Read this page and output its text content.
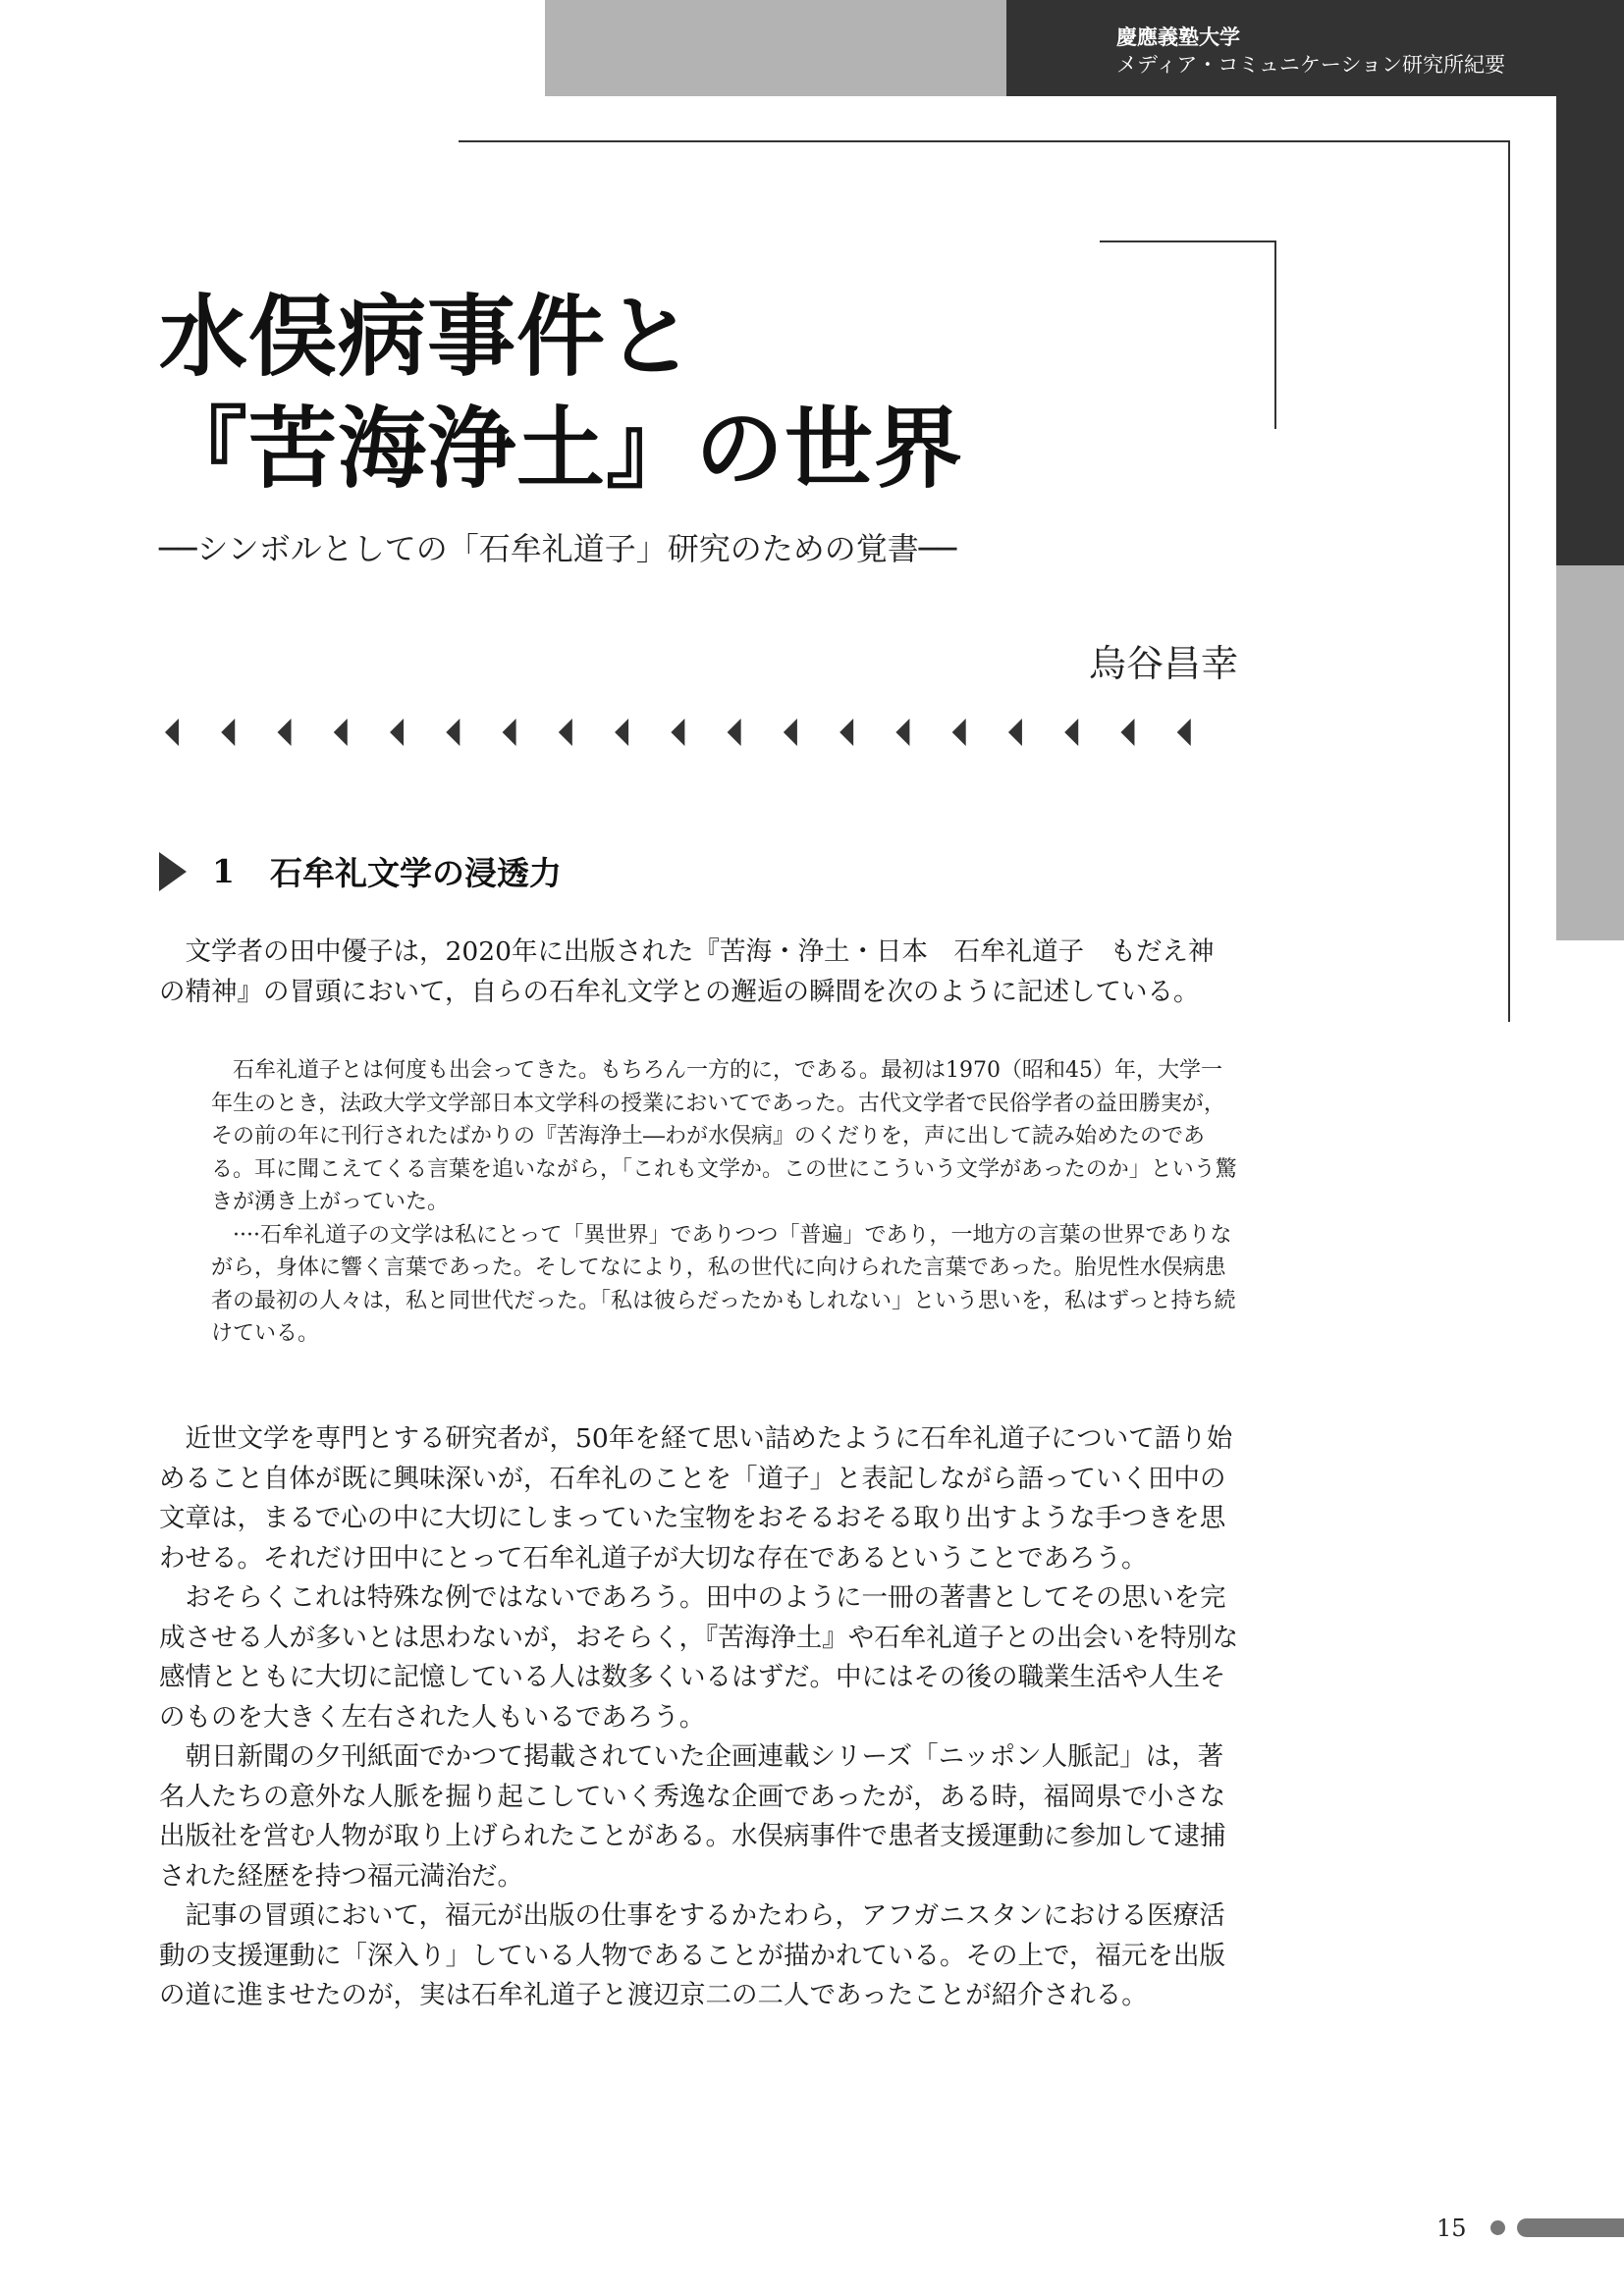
慶應義塾大学
メディア・コミュニケーション研究所紀要
水俣病事件と
『苦海浄土』の世界
──シンボルとしての「石牟礼道子」研究のための覚書──
烏谷昌幸
1 石牟礼文学の浸透力

文学者の田中優子は，2020年に出版された『苦海・浄土・日本　石牟礼道子　もだえ神の精神』の冒頭において，自らの石牟礼文学との邂逅の瞬間を次のように記述している。

石牟礼道子とは何度も出会ってきた。もちろん一方的に，である。最初は1970（昭和45）年，大学一年生のとき，法政大学文学部日本文学科の授業においてであった。古代文学者で民俗学者の益田勝実が，その前の年に刊行されたばかりの『苦海浄土―わが水俣病』のくだりを，声に出して読み始めたのである。耳に聞こえてくる言葉を追いながら，「これも文学か。この世にこういう文学があったのか」という驚きが湧き上がっていた。

····石牟礼道子の文学は私にとって「異世界」でありつつ「普遍」であり，一地方の言葉の世界でありながら，身体に響く言葉であった。そしてなにより，私の世代に向けられた言葉であった。胎児性水俣病患者の最初の人々は，私と同世代だった。「私は彼らだったかもしれない」という思いを，私はずっと持ち続けている。

近世文学を専門とする研究者が，50年を経て思い詰めたように石牟礼道子について語り始めること自体が既に興味深いが，石牟礼のことを「道子」と表記しながら語っていく田中の文章は，まるで心の中に大切にしまっていた宝物をおそるおそる取り出すような手つきを思わせる。それだけ田中にとって石牟礼道子が大切な存在であるということであろう。

おそらくこれは特殊な例ではないであろう。田中のように一冊の著書としてその思いを完成させる人が多いとは思わないが，おそらく，『苦海浄土』や石牟礼道子との出会いを特別な感情とともに大切に記憶している人は数多くいるはずだ。中にはその後の職業生活や人生そのものを大きく左右された人もいるであろう。

朝日新聞の夕刊紙面でかつて掲載されていた企画連載シリーズ「ニッポン人脈記」は，著名人たちの意外な人脈を掘り起こしていく秀逸な企画であったが，ある時，福岡県で小さな出版社を営む人物が取り上げられたことがある。水俣病事件で患者支援運動に参加して逮捕された経歴を持つ福元満治だ。

記事の冒頭において，福元が出版の仕事をするかたわら，アフガニスタンにおける医療活動の支援運動に「深入り」している人物であることが描かれている。その上で，福元を出版の道に進ませたのが，実は石牟礼道子と渡辺京二の二人であったことが紹介される。

15
